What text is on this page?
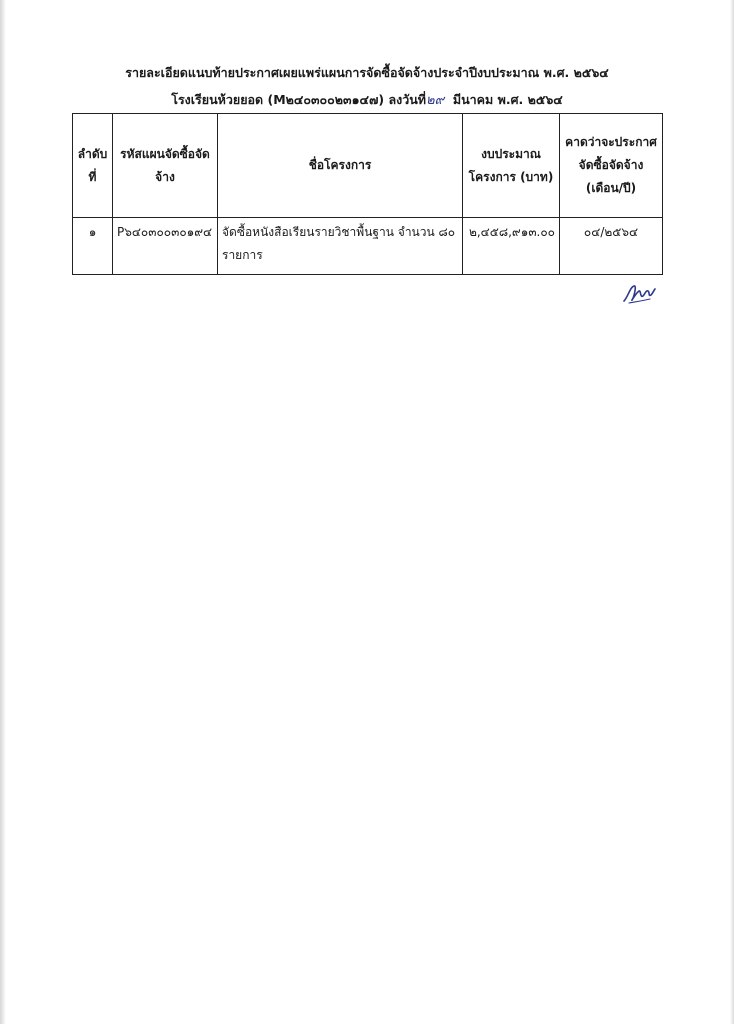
รายละเอียดแนบท้ายประกาศเผยแพร่แผนการจัดซื้อจัดจ้างประจำปีงบประมาณ พ.ศ. ๒๕๖๔
โรงเรียนห้วยยอด (M๒๔๐๓๐๐๒๓๑๔๗) ลงวันที่๒๙ มีนาคม พ.ศ. ๒๕๖๔
ลำดับที่	รหัสแผนจัดซื้อจัดจ้าง	ชื่อโครงการ	งบประมาณโครงการ (บาท)	คาดว่าจะประกาศจัดซื้อจัดจ้าง (เดือน/ปี)
๑	P๖๔๐๓๐๐๓๐๑๙๔	จัดซื้อหนังสือเรียนรายวิชาพื้นฐาน จำนวน ๘๐ รายการ	๒,๔๕๘,๙๑๓.๐๐	๐๔/๒๕๖๔
